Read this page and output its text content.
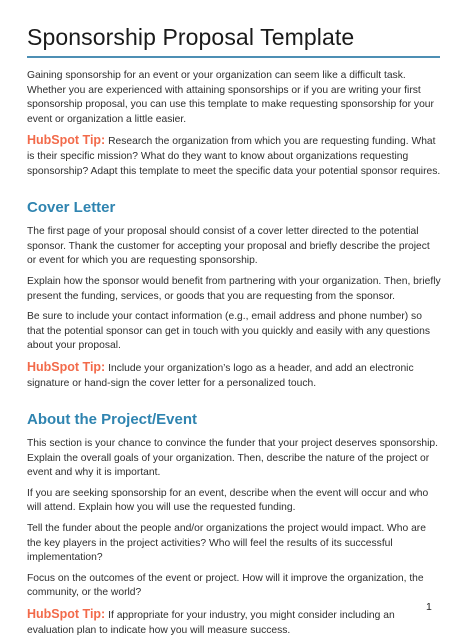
Sponsorship Proposal Template

Gaining sponsorship for an event or your organization can seem like a difficult task. Whether you are experienced with attaining sponsorships or if you are writing your first sponsorship proposal, you can use this template to make requesting sponsorship for your event or organization a little easier.

HubSpot Tip: Research the organization from which you are requesting funding. What is their specific mission? What do they want to know about organizations requesting sponsorship? Adapt this template to meet the specific data your potential sponsor requires.

Cover Letter

The first page of your proposal should consist of a cover letter directed to the potential sponsor. Thank the customer for accepting your proposal and briefly describe the project or event for which you are requesting sponsorship.

Explain how the sponsor would benefit from partnering with your organization. Then, briefly present the funding, services, or goods that you are requesting from the sponsor.

Be sure to include your contact information (e.g., email address and phone number) so that the potential sponsor can get in touch with you quickly and easily with any questions about your proposal.

HubSpot Tip: Include your organization’s logo as a header, and add an electronic signature or hand-sign the cover letter for a personalized touch.

About the Project/Event

This section is your chance to convince the funder that your project deserves sponsorship. Explain the overall goals of your organization. Then, describe the nature of the project or event and why it is important.

If you are seeking sponsorship for an event, describe when the event will occur and who will attend. Explain how you will use the requested funding.

Tell the funder about the people and/or organizations the project would impact. Who are the key players in the project activities? Who will feel the results of its successful implementation?

Focus on the outcomes of the event or project. How will it improve the organization, the community, or the world?

HubSpot Tip: If appropriate for your industry, you might consider including an evaluation plan to indicate how you will measure success.

1
